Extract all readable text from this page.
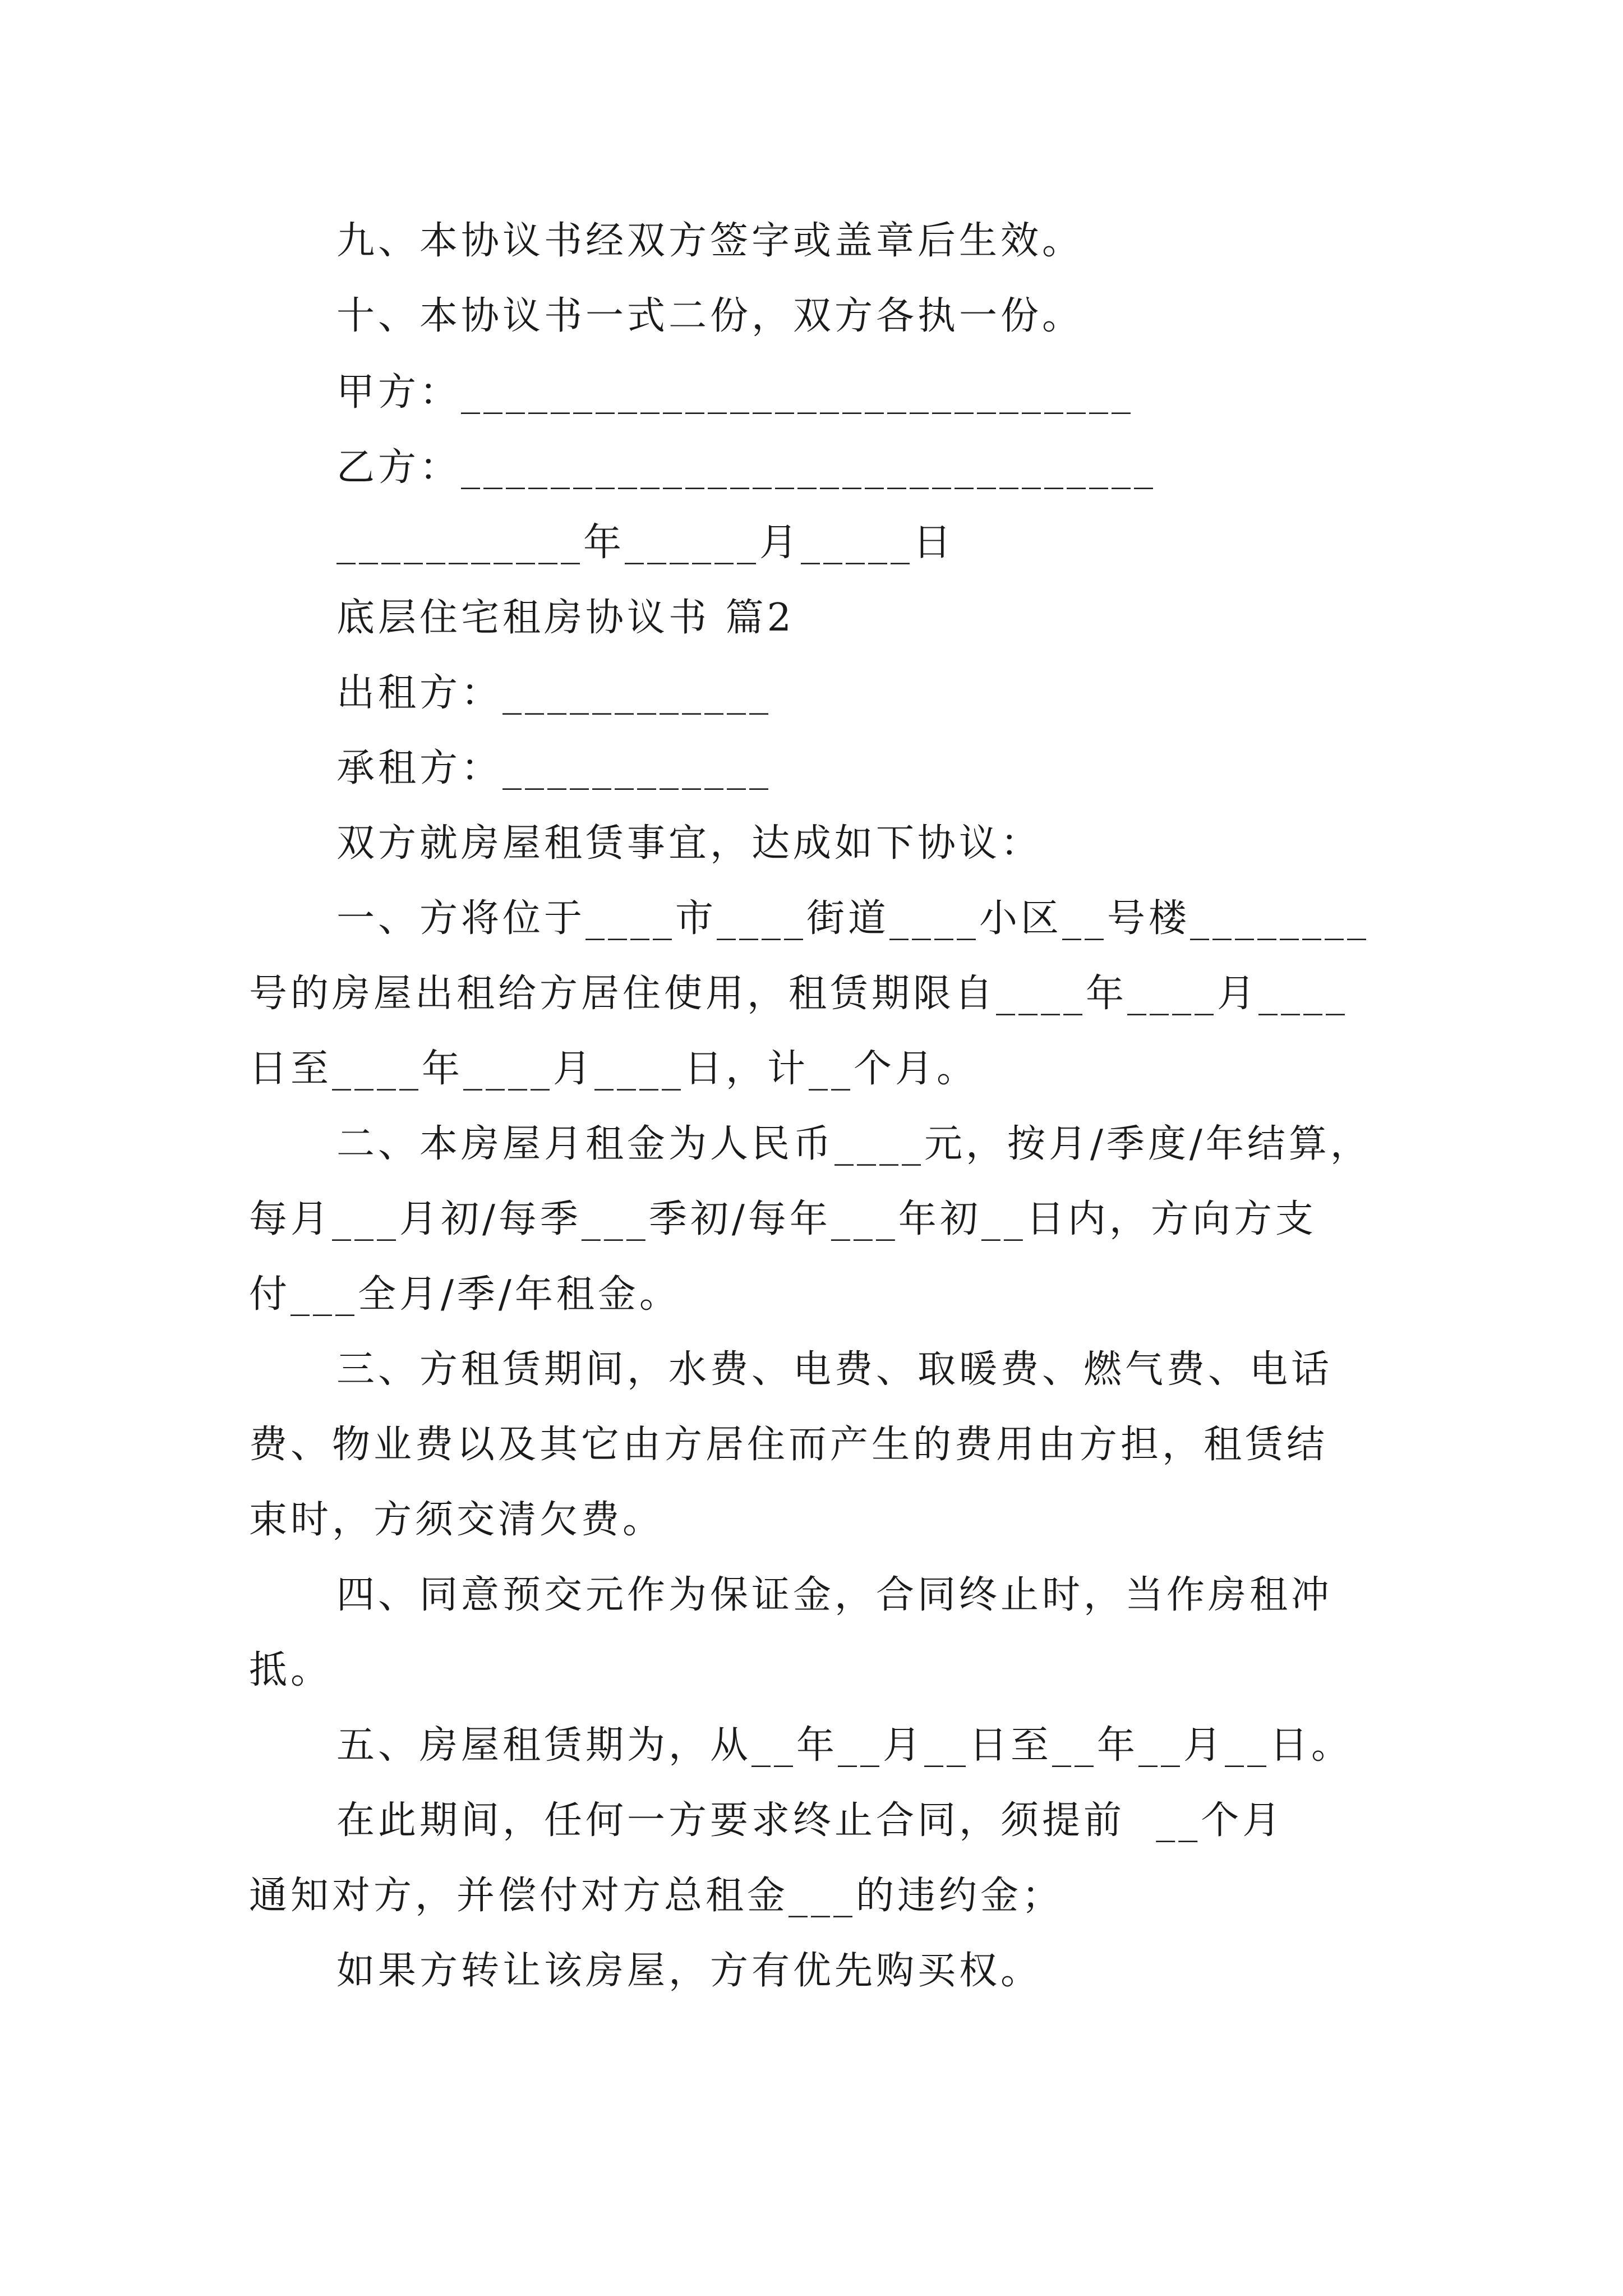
九、本协议书经双方签字或盖章后生效。
十、本协议书一式二份，双方各执一份。
甲方：______________________________
乙方：_______________________________
___________年______月_____日
底层住宅租房协议书 篇2
出租方：____________
承租方：____________
双方就房屋租赁事宜，达成如下协议：
一、方将位于____市____街道____小区__号楼________
号的房屋出租给方居住使用，租赁期限自____年____月____
日至____年____月____日，计__个月。
二、本房屋月租金为人民币____元，按月/季度/年结算，
每月___月初/每季___季初/每年___年初__日内，方向方支
付___全月/季/年租金。
三、方租赁期间，水费、电费、取暖费、燃气费、电话
费、物业费以及其它由方居住而产生的费用由方担，租赁结
束时，方须交清欠费。
四、同意预交元作为保证金，合同终止时，当作房租冲
抵。
五、房屋租赁期为，从__年__月__日至__年__月__日。
在此期间，任何一方要求终止合同，须提前  __个月
通知对方，并偿付对方总租金___的违约金；
如果方转让该房屋，方有优先购买权。
